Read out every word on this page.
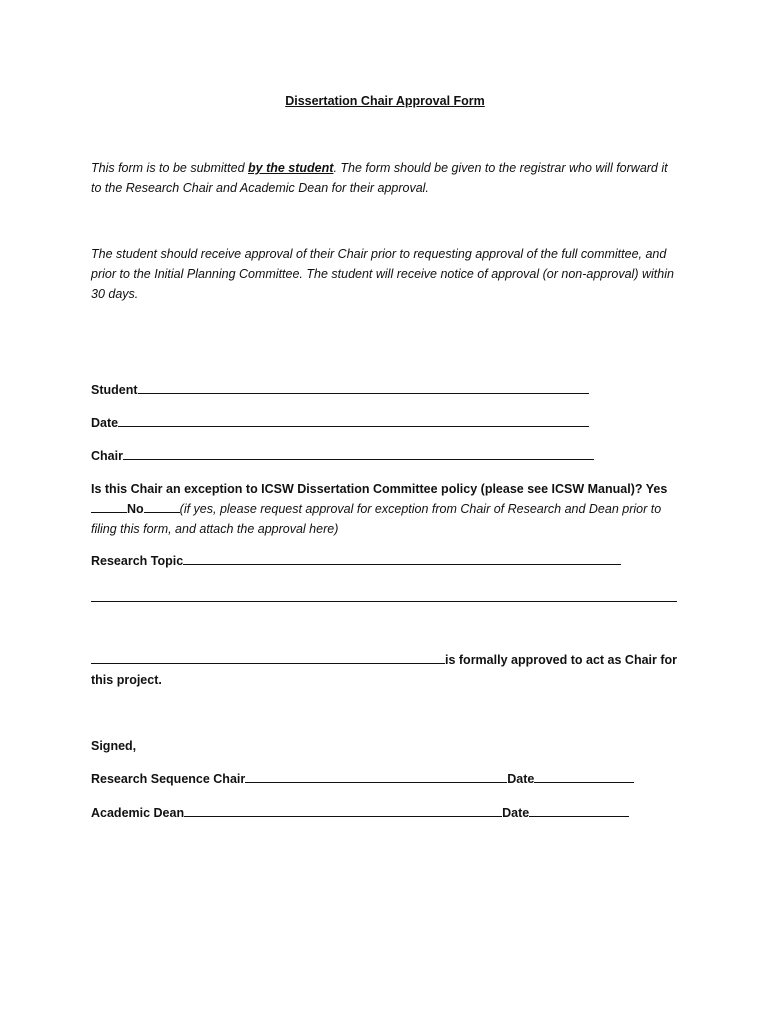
Dissertation Chair Approval Form
This form is to be submitted by the student. The form should be given to the registrar who will forward it to the Research Chair and Academic Dean for their approval.
The student should receive approval of their Chair prior to requesting approval of the full committee, and prior to the Initial Planning Committee. The student will receive notice of approval (or non-approval) within 30 days.
Student
Date
Chair
Is this Chair an exception to ICSW Dissertation Committee policy (please see ICSW Manual)? Yes
No	(if yes, please request approval for exception from Chair of Research and Dean prior to
filing this form, and attach the approval here)
Research Topic
is formally approved to act as Chair for
this project.
Signed,
Research Sequence Chair	Date
Academic Dean	Date
